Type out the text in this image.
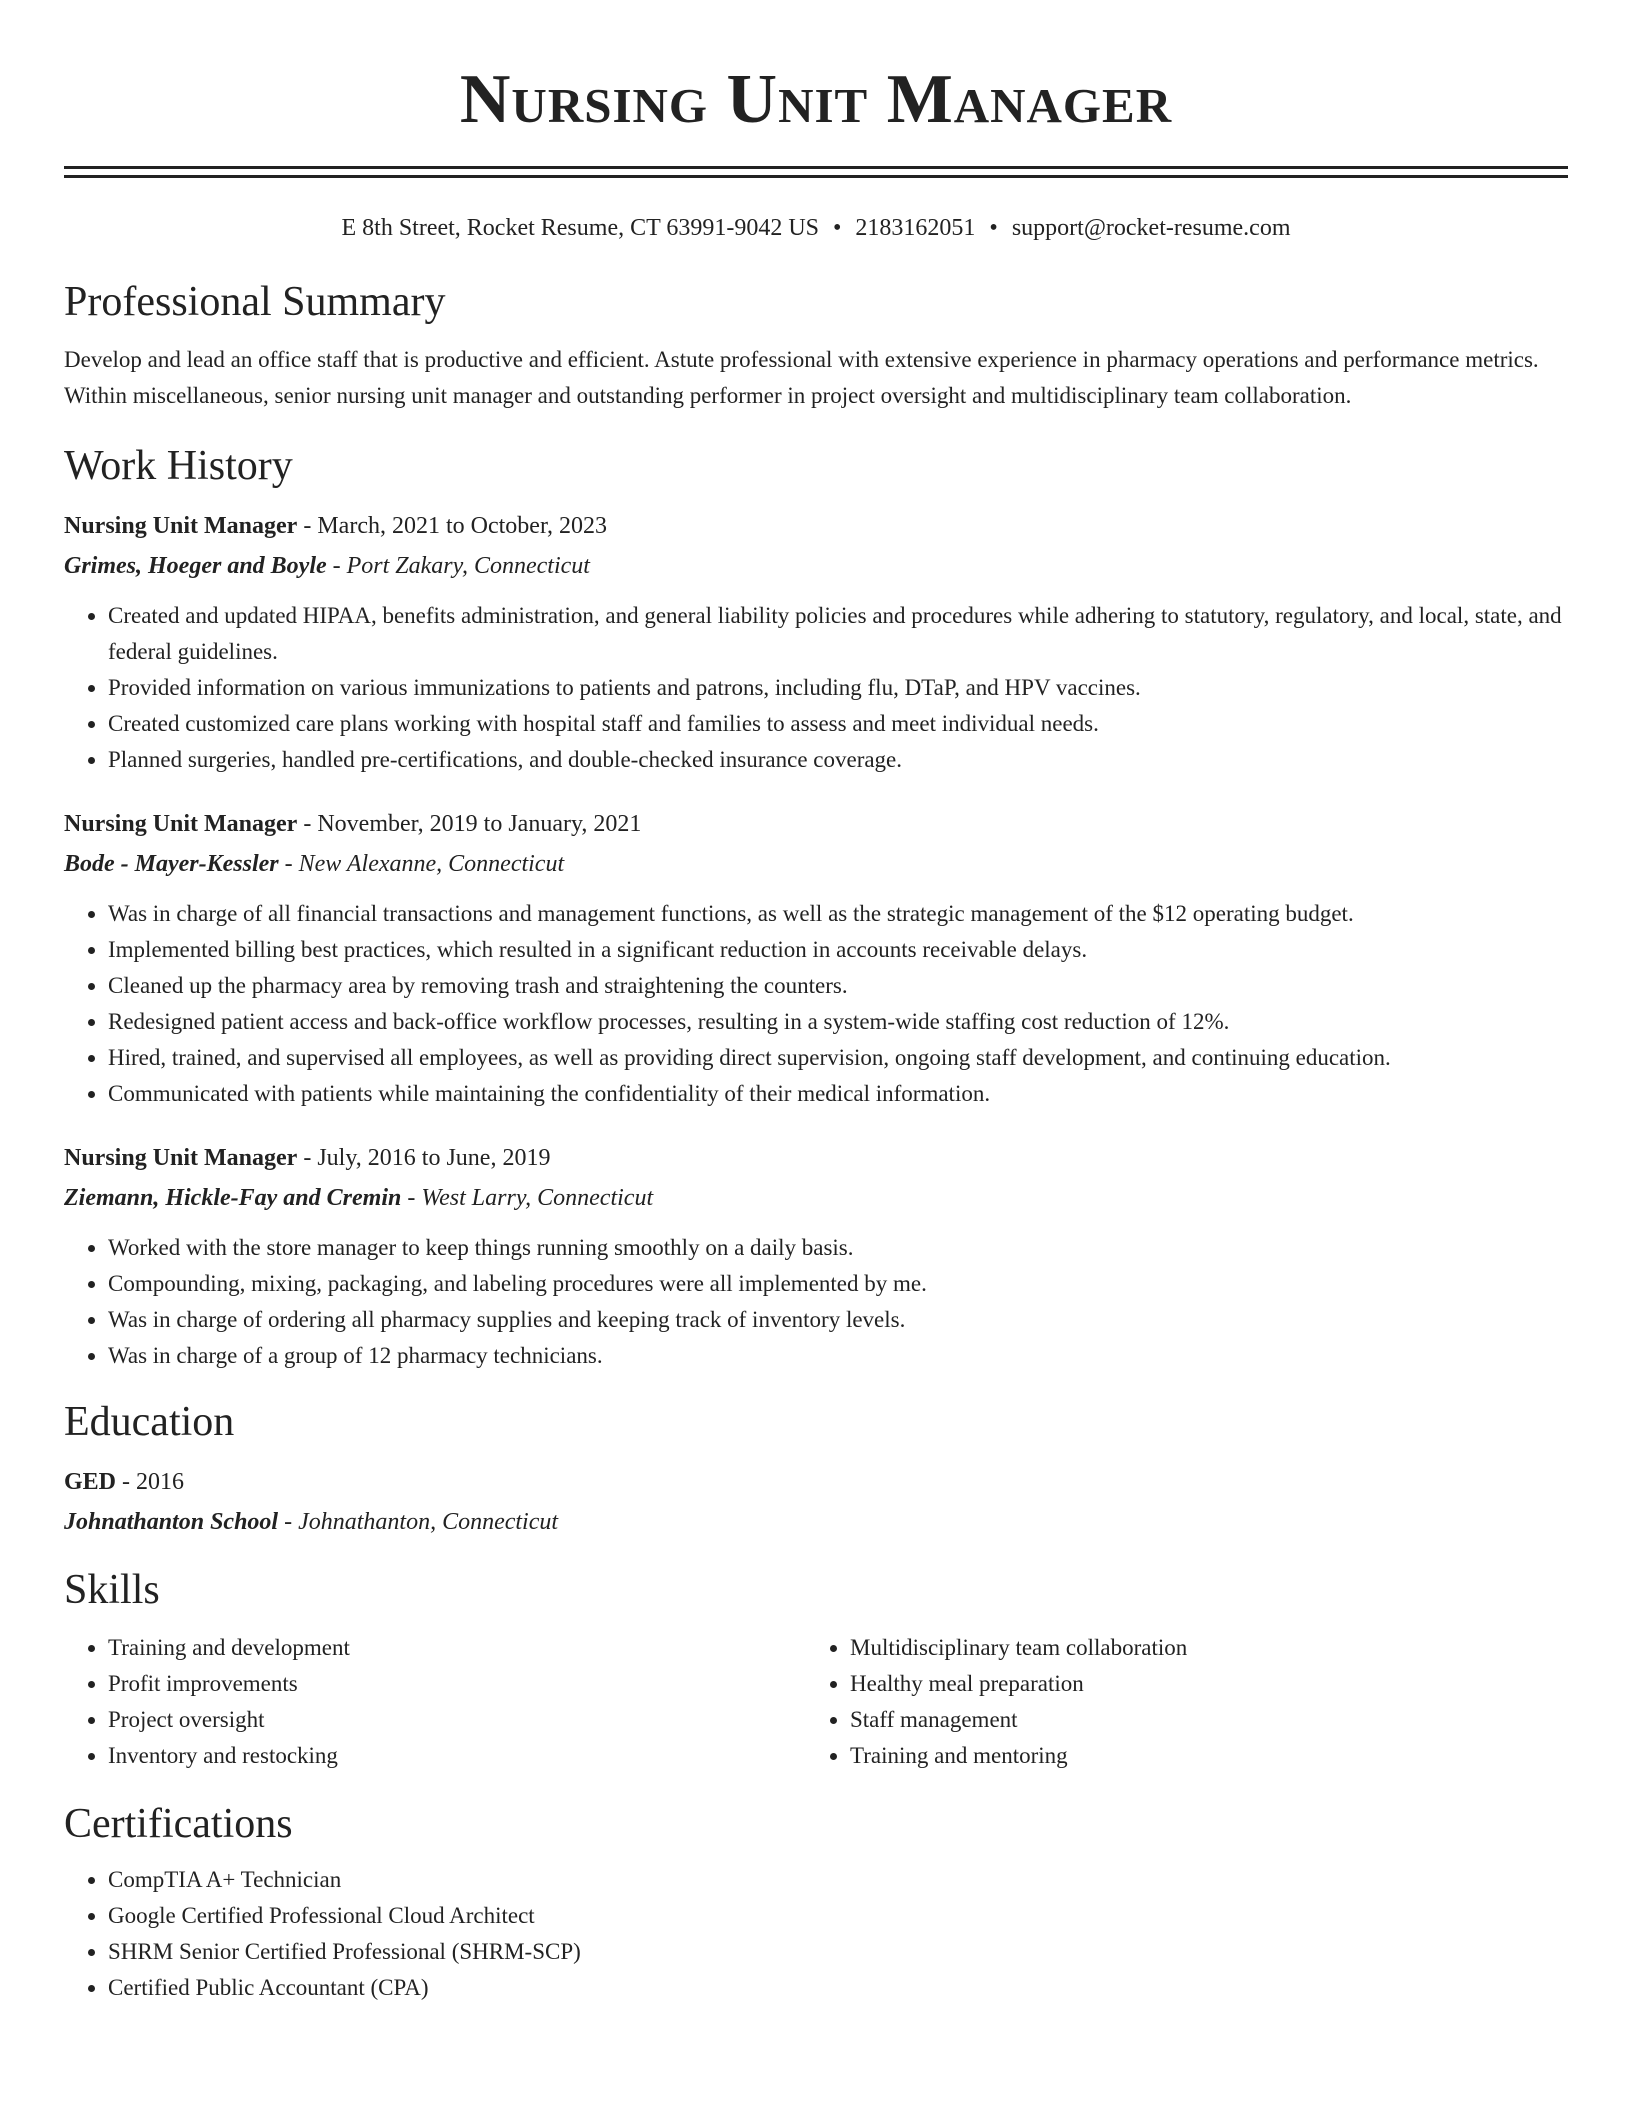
Nursing Unit Manager
E 8th Street, Rocket Resume, CT 63991-9042 US • 2183162051 • support@rocket-resume.com
Professional Summary

Develop and lead an office staff that is productive and efficient. Astute professional with extensive experience in pharmacy operations and performance metrics. Within miscellaneous, senior nursing unit manager and outstanding performer in project oversight and multidisciplinary team collaboration.

Work History
Nursing Unit Manager - March, 2021 to October, 2023
Grimes, Hoeger and Boyle - Port Zakary, Connecticut
• Created and updated HIPAA, benefits administration, and general liability policies and procedures while adhering to statutory, regulatory, and local, state, and federal guidelines.
• Provided information on various immunizations to patients and patrons, including flu, DTaP, and HPV vaccines.
• Created customized care plans working with hospital staff and families to assess and meet individual needs.
• Planned surgeries, handled pre-certifications, and double-checked insurance coverage.
Nursing Unit Manager - November, 2019 to January, 2021
Bode - Mayer-Kessler - New Alexanne, Connecticut
• Was in charge of all financial transactions and management functions, as well as the strategic management of the $12 operating budget.
• Implemented billing best practices, which resulted in a significant reduction in accounts receivable delays.
• Cleaned up the pharmacy area by removing trash and straightening the counters.
• Redesigned patient access and back-office workflow processes, resulting in a system-wide staffing cost reduction of 12%.
• Hired, trained, and supervised all employees, as well as providing direct supervision, ongoing staff development, and continuing education.
• Communicated with patients while maintaining the confidentiality of their medical information.
Nursing Unit Manager - July, 2016 to June, 2019
Ziemann, Hickle-Fay and Cremin - West Larry, Connecticut
• Worked with the store manager to keep things running smoothly on a daily basis.
• Compounding, mixing, packaging, and labeling procedures were all implemented by me.
• Was in charge of ordering all pharmacy supplies and keeping track of inventory levels.
• Was in charge of a group of 12 pharmacy technicians.
Education
GED - 2016
Johnathanton School - Johnathanton, Connecticut
Skills
• Training and development
• Profit improvements
• Project oversight
• Inventory and restocking
• Multidisciplinary team collaboration
• Healthy meal preparation
• Staff management
• Training and mentoring
Certifications
• CompTIA A+ Technician
• Google Certified Professional Cloud Architect
• SHRM Senior Certified Professional (SHRM-SCP)
• Certified Public Accountant (CPA)
